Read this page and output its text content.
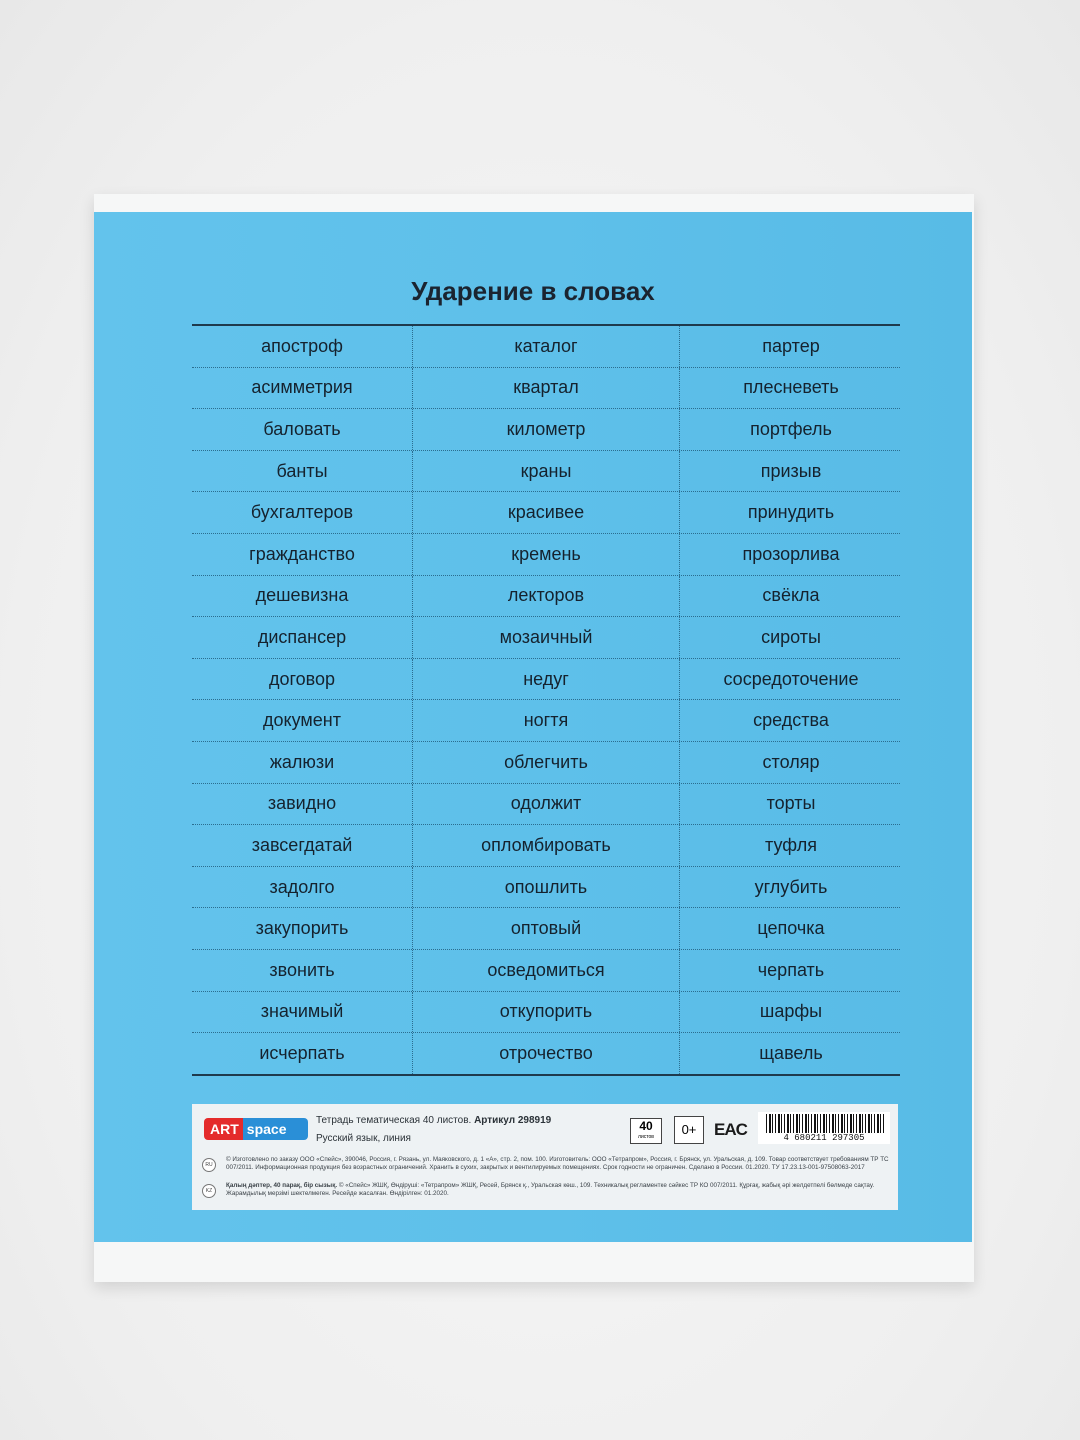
Ударение в словах
апостроф	каталог	партер
асимметрия	квартал	плесневеть
баловать	километр	портфель
банты	краны	призыв
бухгалтеров	красивее	принудить
гражданство	кремень	прозорлива
дешевизна	лекторов	свёкла
диспансер	мозаичный	сироты
договор	недуг	сосредоточение
документ	ногтя	средства
жалюзи	облегчить	столяр
завидно	одолжит	торты
завсегдатай	опломбировать	туфля
задолго	опошлить	углубить
закупорить	оптовый	цепочка
звонить	осведомиться	черпать
значимый	откупорить	шарфы
исчерпать	отрочество	щавель
ART space
Тетрадь тематическая 40 листов. Артикул 298919
Русский язык, линия
40
листов	0+	EAC	4 680211 297305
RU
© Изготовлено по заказу ООО «Спейс», 390046, Россия, г. Рязань, ул. Маяковского, д. 1 «А», стр. 2, пом. 100. Изготовитель: ООО «Тетрапром», Россия, г. Брянск, ул. Уральская, д. 109. Товар соответствует требованиям ТР ТС 007/2011. Информационная продукция без возрастных ограничений. Хранить в сухих, закрытых и вентилируемых помещениях. Срок годности не ограничен. Сделано в России. 01.2020. ТУ 17.23.13-001-97508063-2017
KZ
Қалың дәптер, 40 парақ, бір сызық. © «Спейс» ЖШҚ, Өндіруші: «Тетрапром» ЖШҚ, Ресей, Брянск қ., Уральская көш., 109. Техникалық регламентке сәйкес ТР КО 007/2011. Құрғақ, жабық әрі желдетпелі бөлмеде сақтау. Жарамдылық мерзімі шектелмеген. Ресейде жасалған. Өндірілген: 01.2020.
